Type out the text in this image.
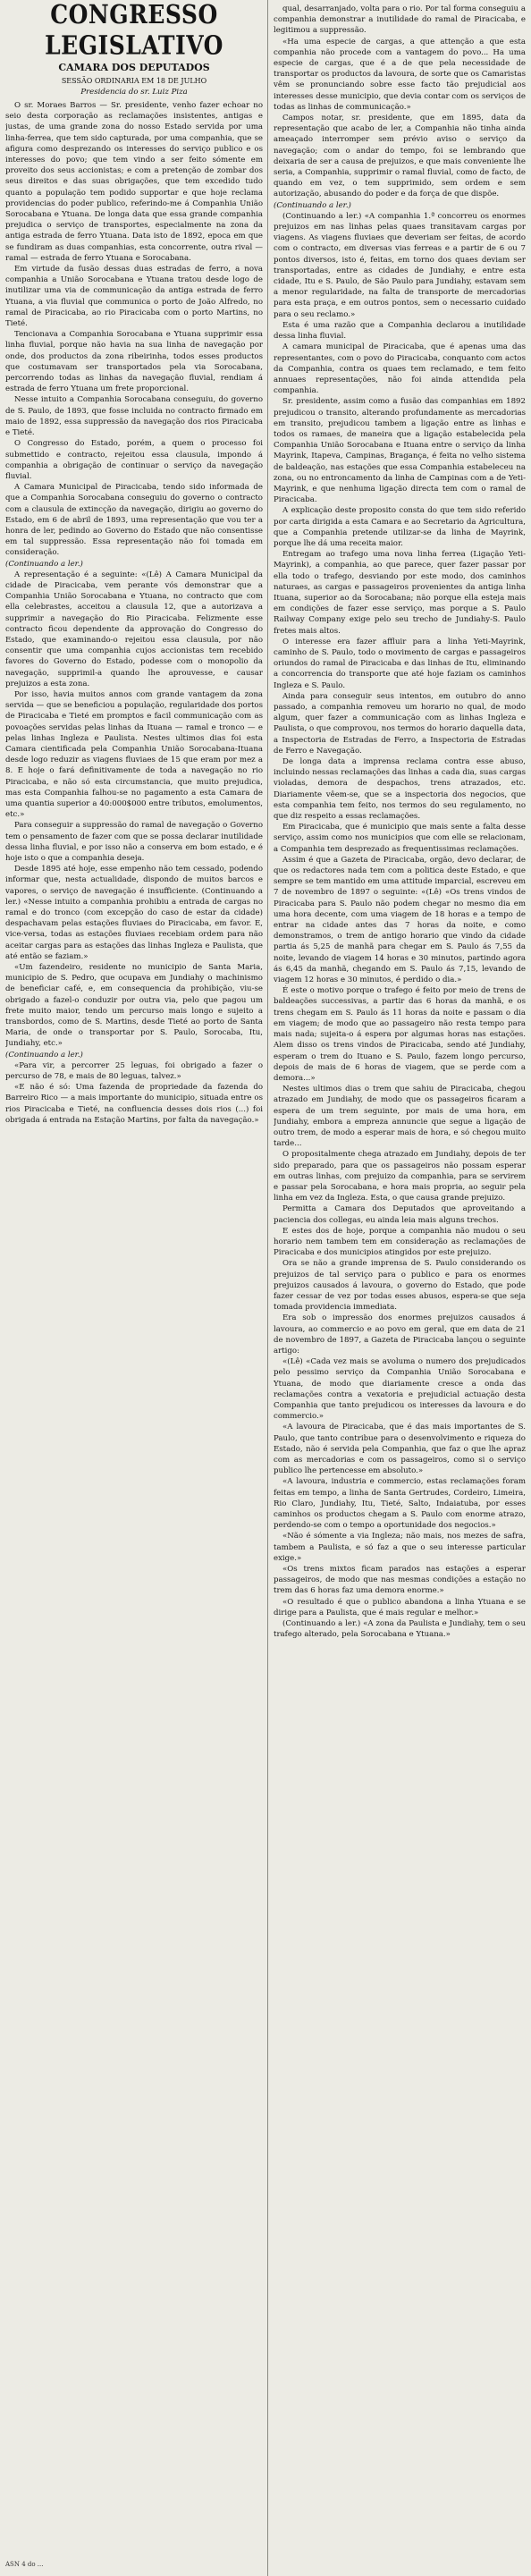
CONGRESSO LEGISLATIVO
CAMARA DOS DEPUTADOS
SESSÃO ORDINARIA EM 18 DE JULHO
Presidencia do sr. Luiz Piza

O sr. Moraes Barros — Sr. presidente, venho fazer echoar no seio desta corporação as reclamações insistentes, antigas e justas, de uma grande zona do nosso Estado servida por uma linha-ferrea, que tem sido capturada, por uma companhia, que se afigura como desprezando os interesses do serviço publico e os interesses do povo; que tem vindo a ser feito sómente em proveito dos seus accionistas; e com a pretenção de zombar dos seus direitos e das suas obrigações, que tem excedido tudo quanto a população tem podido supportar e que hoje reclama providencias do poder publico, referindo-me á Companhia União Sorocabana e Ytuana. De longa data que essa grande companhia prejudica o serviço de transportes, especialmente na zona da antiga estrada de ferro Ytuana. Data isto de 1892, epoca em que se fundiram as duas companhias, esta concorrente, outra rival — ramal — estrada de ferro Ytuana e Sorocabana.

Em virtude da fusão dessas duas estradas de ferro, a nova companhia a União Sorocabana e Ytuana tratou desde logo de inutilizar uma via de communicação da antiga estrada de ferro Ytuana, a via fluvial que communica o porto de João Alfredo, no ramal de Piracicaba, ao rio Piracicaba com o porto Martins, no Tieté.

Tencionava a Companhia Sorocabana e Ytuana supprimir essa linha fluvial, porque não havia na sua linha de navegação por onde, dos productos da zona ribeirinha, todos esses productos que costumavam ser transportados pela via Sorocabana, percorrendo todas as linhas da navegação fluvial, rendiam á estrada de ferro Ytuana um frete proporcional.

Nesse intuito a Companhia Sorocabana conseguiu, do governo de S. Paulo, de 1893, que fosse incluida no contracto firmado em maio de 1892, essa suppressão da navegação dos rios Piracicaba e Tieté.

O Congresso do Estado, porém, a quem o processo foi submettido e contracto, rejeitou essa clausula, impondo á companhia a obrigação de continuar o serviço da navegação fluvial.

A Camara Municipal de Piracicaba, tendo sido informada de que a Companhia Sorocabana conseguiu do governo o contracto com a clausula de extincção da navegação, dirigiu ao governo do Estado, em 6 de abril de 1893, uma representação que vou ter a honra de ler, pedindo ao Governo do Estado que não consentisse em tal suppressão. Essa representação não foi tomada em consideração.

(Continuando a ler.)

A representação é a seguinte: «(Lê) A Camara Municipal da cidade de Piracicaba, vem perante vós demonstrar que a Companhia União Sorocabana e Ytuana, no contracto que com ella celebrastes, acceitou a clausula 12, que a autorizava a supprimir a navegação do Rio Piracicaba. Felizmente esse contracto ficou dependente da approvação do Congresso do Estado, que examinando-o rejeitou essa clausula, por não consentir que uma companhia cujos accionistas tem recebido favores do Governo do Estado, podesse com o monopolio da navegação, supprimil-a quando lhe aprouvesse, e causar prejuizos a esta zona.

Por isso, havia muitos annos com grande vantagem da zona servida — que se beneficiou a população, regularidade dos portos de Piracicaba e Tieté em promptos e facil communicação com as povoações servidas pelas linhas da Ituana — ramal e tronco — e pelas linhas Ingleza e Paulista. Nestes ultimos dias foi esta Camara cientificada pela Companhia União Sorocabana-Ituana desde logo reduzir as viagens fluviaes de 15 que eram por mez a 8. E hoje o fará definitivamente de toda a navegação no rio Piracicaba, e não só esta circumstancia, que muito prejudica, mas esta Companhia falhou-se no pagamento a esta Camara de uma quantia superior a 40:000$000 entre tributos, emolumentos, etc.»

Para conseguir a suppressão do ramal de navegação o Governo tem o pensamento de fazer com que se possa declarar inutilidade dessa linha fluvial, e por isso não a conserva em bom estado, e é hoje isto o que a companhia deseja.

Desde 1895 até hoje, esse empenho não tem cessado, podendo informar que, nesta actualidade, dispondo de muitos barcos e vapores, o serviço de navegação é insufficiente. (Continuando a ler.) «Nesse intuito a companhia prohibiu a entrada de cargas no ramal e do tronco (com excepção do caso de estar da cidade) despachavam pelas estações fluviaes do Piracicaba, em favor. E, vice-versa, todas as estações fluviaes recebiam ordem para não aceitar cargas para as estações das linhas Ingleza e Paulista, que até então se faziam.»

«Um fazendeiro, residente no municipio de Santa Maria, municipio de S. Pedro, que ocupava em Jundiahy o machinismo de beneficiar café, e, em consequencia da prohibição, viu-se obrigado a fazel-o conduzir por outra via, pelo que pagou um frete muito maior, tendo um percurso mais longo e sujeito a transbordos, como de S. Martins, desde Tieté ao porto de Santa Maria, de onde o transportar por S. Paulo, Sorocaba, Itu, Jundiahy, etc.»

(Continuando a ler.)

«Para vir, a percorrer 25 leguas, foi obrigado a fazer o percurso de 78, e mais de 80 leguas, talvez.»

«E não é só: Uma fazenda de propriedade da fazenda do Barreiro Rico — a mais importante do municipio, situada entre os rios Piracicaba e Tieté, na confluencia desses dois rios (...) foi obrigada á entrada na Estação Martins, por falta da navegação.»

qual, desarranjado, volta para o rio. Por tal forma conseguiu a companhia demonstrar a inutilidade do ramal de Piracicaba, e legitimou a suppressão.

«Ha uma especie de cargas, a que attenção a que esta companhia não procede com a vantagem do povo... Ha uma especie de cargas, que é a de que pela necessidade de transportar os productos da lavoura, de sorte que os Camaristas vêm se pronunciando sobre esse facto tão prejudicial aos interesses desse municipio, que devia contar com os serviços de todas as linhas de communicação.»

Campos notar, sr. presidente, que em 1895, data da representação que acabo de ler, a Companhia não tinha ainda ameaçado interromper sem prévio aviso o serviço da navegação; com o andar do tempo, foi se lembrando que deixaria de ser a causa de prejuizos, e que mais conveniente lhe seria, a Companhia, supprimir o ramal fluvial, como de facto, de quando em vez, o tem supprimido, sem ordem e sem autorização, abusando do poder e da força de que dispõe.

(Continuando a ler.)

(Continuando a ler.) «A companhia 1.ª concorreu os enormes prejuizos em nas linhas pelas quaes transitavam cargas por viagens. As viagens fluviaes que deveriam ser feitas, de acordo com o contracto, em diversas vias ferreas e a partir de 6 ou 7 pontos diversos, isto é, feitas, em torno dos quaes deviam ser transportadas, entre as cidades de Jundiahy, e entre esta cidade, Itu e S. Paulo, de São Paulo para Jundiahy, estavam sem a menor regularidade, na falta de transporte de mercadorias para esta praça, e em outros pontos, sem o necessario cuidado para o seu reclamo.»

Esta é uma razão que a Companhia declarou a inutilidade dessa linha fluvial.

A camara municipal de Piracicaba, que é apenas uma das representantes, com o povo do Piracicaba, conquanto com actos da Companhia, contra os quaes tem reclamado, e tem feito annuaes representações, não foi ainda attendida pela companhia.

Sr. presidente, assim como a fusão das companhias em 1892 prejudicou o transito, alterando profundamente as mercadorias em transito, prejudicou tambem a ligação entre as linhas e todos os ramaes, de maneira que a ligação estabelecida pela Companhia União Sorocabana e Ituana entre o serviço da linha Mayrink, Itapeva, Campinas, Bragança, é feita no velho sistema de baldeação, nas estações que essa Companhia estabeleceu na zona, ou no entroncamento da linha de Campinas com a de Yeti-Mayrink, e que nenhuma ligação directa tem com o ramal de Piracicaba.

A explicação deste proposito consta do que tem sido referido por carta dirigida a esta Camara e ao Secretario da Agricultura, que a Companhia pretende utilizar-se da linha de Mayrink, porque lhe dá uma receita maior.

Entregam ao trafego uma nova linha ferrea (Ligação Yeti-Mayrink), a companhia, ao que parece, quer fazer passar por ella todo o trafego, desviando por este modo, dos caminhos naturaes, as cargas e passageiros provenientes da antiga linha Ituana, superior ao da Sorocabana; não porque ella esteja mais em condições de fazer esse serviço, mas porque a S. Paulo Railway Company exige pelo seu trecho de Jundiahy-S. Paulo fretes mais altos.

O interesse era fazer affluir para a linha Yeti-Mayrink, caminho de S. Paulo, todo o movimento de cargas e passageiros oriundos do ramal de Piracicaba e das linhas de Itu, eliminando a concorrencia do transporte que até hoje faziam os caminhos Ingleza e S. Paulo.

Ainda para conseguir seus intentos, em outubro do anno passado, a companhia removeu um horario no qual, de modo algum, quer fazer a communicação com as linhas Ingleza e Paulista, o que comprovou, nos termos do horario daquella data, a Inspectoria de Estradas de Ferro, a Inspectoria de Estradas de Ferro e Navegação.

De longa data a imprensa reclama contra esse abuso, incluindo nessas reclamações das linhas a cada dia, suas cargas violadas, demora de despachos, trens atrazados, etc. Diariamente vêem-se, que se a inspectoria dos negocios, que esta companhia tem feito, nos termos do seu regulamento, no que diz respeito a essas reclamações.

Em Piracicaba, que é municipio que mais sente a falta desse serviço, assim como nos municipios que com elle se relacionam, a Companhia tem desprezado as frequentissimas reclamações.

Assim é que a Gazeta de Piracicaba, orgão, devo declarar, de que os redactores nada tem com a politica deste Estado, e que sempre se tem mantido em uma attitude imparcial, escreveu em 7 de novembro de 1897 o seguinte: «(Lê) «Os trens vindos de Piracicaba para S. Paulo não podem chegar no mesmo dia em uma hora decente, com uma viagem de 18 horas e a tempo de entrar na cidade antes das 7 horas da noite, e como demonstramos, o trem de antigo horario que vindo da cidade partia ás 5,25 de manhã para chegar em S. Paulo ás 7,55 da noite, levando de viagem 14 horas e 30 minutos, partindo agora ás 6,45 da manhã, chegando em S. Paulo ás 7,15, levando de viagem 12 horas e 30 minutos, é perdido o dia.»

É este o motivo porque o trafego é feito por meio de trens de baldeações successivas, a partir das 6 horas da manhã, e os trens chegam em S. Paulo ás 11 horas da noite e passam o dia em viagem; de modo que ao passageiro não resta tempo para mais nada; sujeita-o á espera por algumas horas nas estações. Alem disso os trens vindos de Piracicaba, sendo até Jundiahy, esperam o trem do Ituano e S. Paulo, fazem longo percurso, depois de mais de 6 horas de viagem, que se perde com a demora...»

Nestes ultimos dias o trem que sahiu de Piracicaba, chegou atrazado em Jundiahy, de modo que os passageiros ficaram a espera de um trem seguinte, por mais de uma hora, em Jundiahy, embora a empreza annuncie que segue a ligação de outro trem, de modo a esperar mais de hora, e só chegou muito tarde...

O propositalmente chega atrazado em Jundiahy, depois de ter sido preparado, para que os passageiros não possam esperar em outras linhas, com prejuizo da companhia, para se servirem e passar pela Sorocabana, e hora mais propria, ao seguir pela linha em vez da Ingleza. Esta, o que causa grande prejuizo.

Permitta a Camara dos Deputados que aproveitando a paciencia dos collegas, eu ainda leia mais alguns trechos.

E estes dos de hoje, porque a companhia não mudou o seu horario nem tambem tem em consideração as reclamações de Piracicaba e dos municipios atingidos por este prejuizo.

Ora se não a grande imprensa de S. Paulo considerando os prejuizos de tal serviço para o publico e para os enormes prejuizos causados á lavoura, o governo do Estado, que pode fazer cessar de vez por todas esses abusos, espera-se que seja tomada providencia immediata.

Era sob o impressão dos enormes prejuizos causados á lavoura, ao commercio e ao povo em geral, que em data de 21 de novembro de 1897, a Gazeta de Piracicaba lançou o seguinte artigo:

«(Lê) «Cada vez mais se avoluma o numero dos prejudicados pelo pessimo serviço da Companhia União Sorocabana e Ytuana, de modo que diariamente cresce a onda das reclamações contra a vexatoria e prejudicial actuação desta Companhia que tanto prejudicou os interesses da lavoura e do commercio.»

«A lavoura de Piracicaba, que é das mais importantes de S. Paulo, que tanto contribue para o desenvolvimento e riqueza do Estado, não é servida pela Companhia, que faz o que lhe apraz com as mercadorias e com os passageiros, como si o serviço publico lhe pertencesse em absoluto.»

«A lavoura, industria e commercio, estas reclamações foram feitas em tempo, a linha de Santa Gertrudes, Cordeiro, Limeira, Rio Claro, Jundiahy, Itu, Tieté, Salto, Indaiatuba, por esses caminhos os productos chegam a S. Paulo com enorme atrazo, perdendo-se com o tempo a oportunidade dos negocios.»

«Não é sómente a via Ingleza; não mais, nos mezes de safra, tambem a Paulista, e só faz a que o seu interesse particular exige.»

«Os trens mixtos ficam parados nas estações a esperar passageiros, de modo que nas mesmas condições a estação no trem das 6 horas faz uma demora enorme.»

«O resultado é que o publico abandona a linha Ytuana e se dirige para a Paulista, que é mais regular e melhor.»

(Continuando a ler.) «A zona da Paulista e Jundiahy, tem o seu trafego alterado, pela Sorocabana e Ytuana.»

ASN 4 do ...
